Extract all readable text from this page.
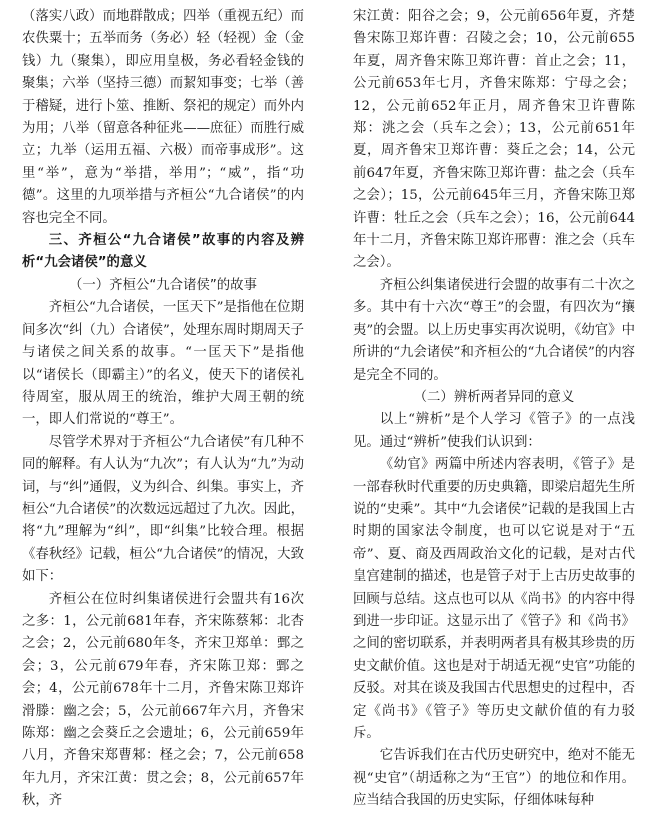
（落实八政）而地群散成；四举（重视五纪）而农佚粟十；五举而务（务必）轻（轻视）金（金钱）九（聚集），即应用皇极，务必看轻金钱的聚集；六举（坚持三德）而絜知事变；七举（善于稽疑，进行卜筮、推断、祭祀的规定）而外内为用；八举（留意各种征兆——庶征）而胜行威立；九举（运用五福、六极）而帝事成形”。这里“举”，意为“举措，举用”；“威”，指“功德”。这里的九项举措与齐桓公“九合诸侯”的内容也完全不同。

三、齐桓公“九合诸侯”故事的内容及辨析“九会诸侯”的意义

（一）齐桓公“九合诸侯”的故事

齐桓公“九合诸侯，一匡天下”是指他在位期间多次“纠（九）合诸侯”，处理东周时期周天子与诸侯之间关系的故事。“一匡天下”是指他以“诸侯长（即霸主）”的名义，使天下的诸侯礼待周室，服从周王的统治，维护大周王朝的统一，即人们常说的“尊王”。

尽管学术界对于齐桓公“九合诸侯”有几种不同的解释。有人认为“九次”；有人认为“九”为动词，与“纠”通假，义为纠合、纠集。事实上，齐桓公“九合诸侯”的次数远远超过了九次。因此，将“九”理解为“纠”，即“纠集”比较合理。根据《春秋经》记载，桓公“九合诸侯”的情况，大致如下：

齐桓公在位时纠集诸侯进行会盟共有16次之多：1，公元前681年春，齐宋陈蔡邾：北杏之会；2，公元前680年冬，齐宋卫郑单：鄄之会；3，公元前679年春，齐宋陈卫郑：鄄之会；4，公元前678年十二月，齐鲁宋陈卫郑许滑滕：幽之会；5，公元前667年六月，齐鲁宋陈郑：幽之会葵丘之会遗址；6，公元前659年八月，齐鲁宋郑曹邾：柽之会；7，公元前658年九月，齐宋江黄：贯之会；8，公元前657年秋，齐

宋江黄：阳谷之会；9，公元前656年夏，齐楚鲁宋陈卫郑许曹：召陵之会；10，公元前655年夏，周齐鲁宋陈卫郑许曹：首止之会；11，公元前653年七月，齐鲁宋陈郑：宁母之会；12，公元前652年正月，周齐鲁宋卫许曹陈郑：洮之会（兵车之会）；13，公元前651年夏，周齐鲁宋卫郑许曹：葵丘之会；14，公元前647年夏，齐鲁宋陈卫郑许曹：盐之会（兵车之会）；15，公元前645年三月，齐鲁宋陈卫郑许曹：牡丘之会（兵车之会）；16，公元前644年十二月，齐鲁宋陈卫郑许邢曹：淮之会（兵车之会）。

齐桓公纠集诸侯进行会盟的故事有二十次之多。其中有十六次“尊王”的会盟，有四次为“攘夷”的会盟。以上历史事实再次说明，《幼官》中所讲的“九会诸侯”和齐桓公的“九合诸侯”的内容是完全不同的。

（二）辨析两者异同的意义

以上“辨析”是个人学习《管子》的一点浅见。通过“辨析”使我们认识到：

《幼官》两篇中所述内容表明，《管子》是一部春秋时代重要的历史典籍，即梁启超先生所说的“史乘”。其中“九会诸侯”记载的是我国上古时期的国家法令制度，也可以它说是对于“五帝”、夏、商及西周政治文化的记载，是对古代皇宫建制的描述，也是管子对于上古历史故事的回顾与总结。这点也可以从《尚书》的内容中得到进一步印证。这显示出了《管子》和《尚书》之间的密切联系，并表明两者具有极其珍贵的历史文献价值。这也是对于胡适无视“史官”功能的反驳。对其在谈及我国古代思想史的过程中，否定《尚书》《管子》等历史文献价值的有力驳斥。

它告诉我们在古代历史研究中，绝对不能无视“史官”（胡适称之为“王官”）的地位和作用。应当结合我国的历史实际，仔细体味每种
